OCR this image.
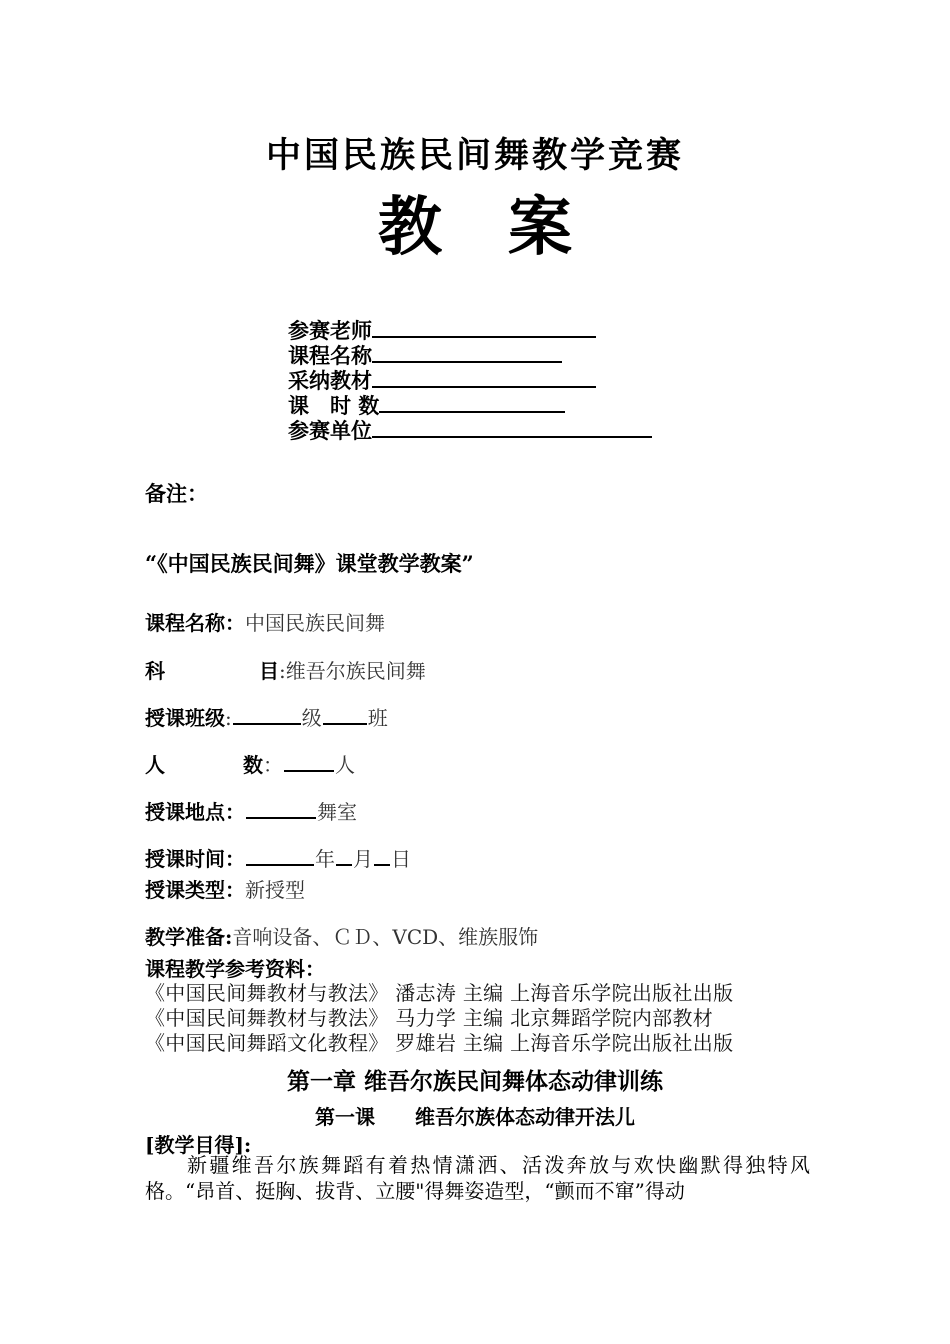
中国民族民间舞教学竞赛
教 案
参赛老师
课程名称
采纳教材
课　时 数
参赛单位
备注：
“《中国民族民间舞》课堂教学教案”
课程名称：中国民族民间舞
科	目:维吾尔族民间舞
授课班级:	级 班
人	数：	人
授课地点：	舞室
授课时间：	年 月 日
授课类型：新授型
教学准备:音响设备、ＣＤ、VCD、维族服饰
课程教学参考资料：
《中国民间舞教材与教法》 潘志涛 主编 上海音乐学院出版社出版
《中国民间舞教材与教法》 马力学 主编 北京舞蹈学院内部教材
《中国民间舞蹈文化教程》 罗雄岩 主编 上海音乐学院出版社出版
第一章 维吾尔族民间舞体态动律训练
第一课　　维吾尔族体态动律开法儿
[教学目得]:
新疆维吾尔族舞蹈有着热情潇洒、活泼奔放与欢快幽默得独特风格。“昂首、挺胸、拔背、立腰"得舞姿造型，“颤而不窜”得动
